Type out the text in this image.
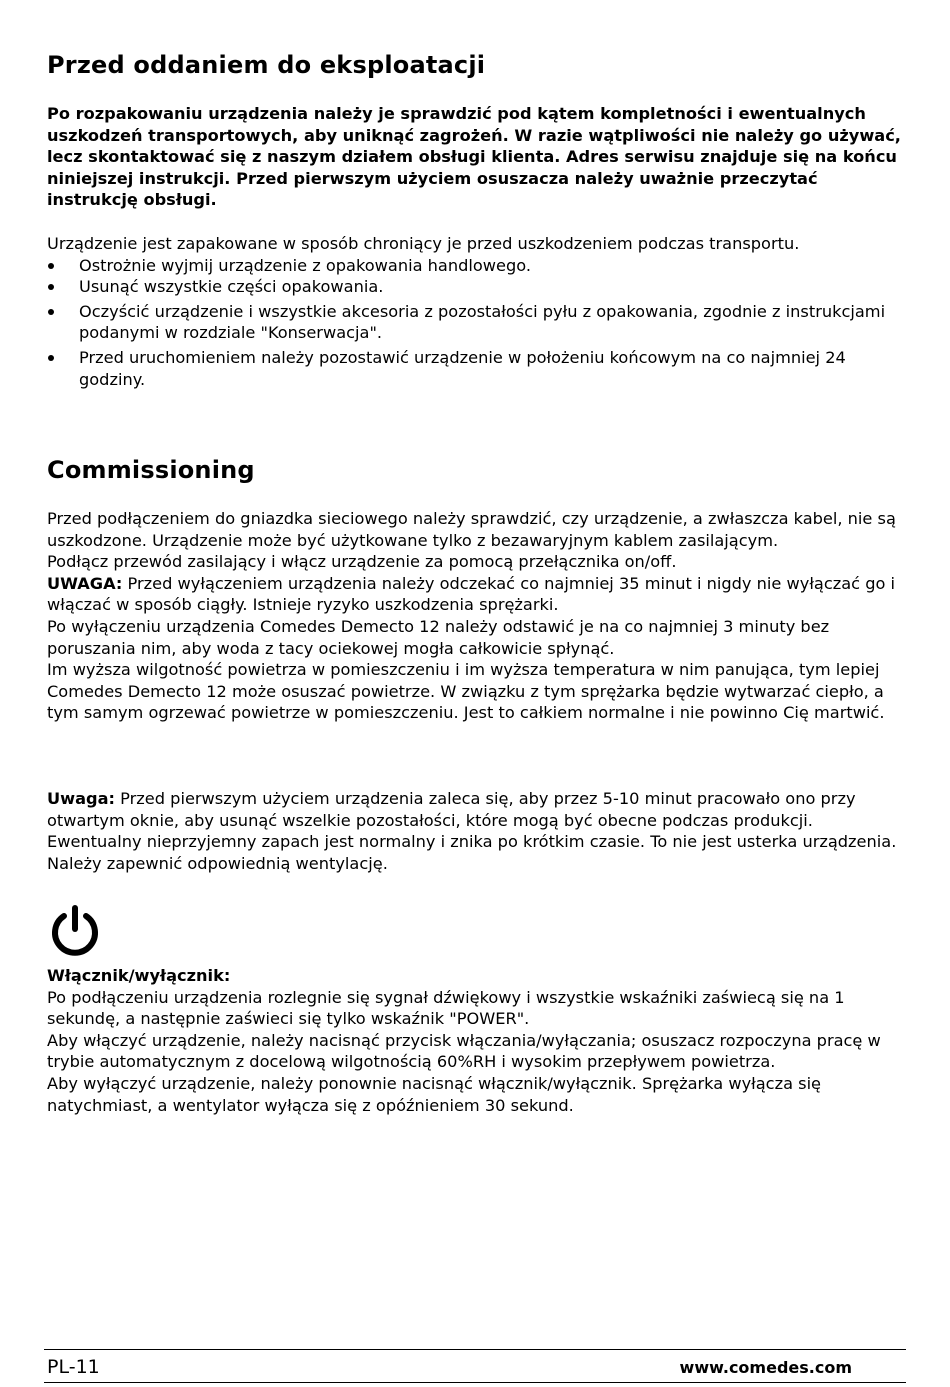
Przed oddaniem do eksploatacji

Po rozpakowaniu urządzenia należy je sprawdzić pod kątem kompletności i ewentualnych uszkodzeń transportowych, aby uniknąć zagrożeń. W razie wątpliwości nie należy go używać, lecz skontaktować się z naszym działem obsługi klienta. Adres serwisu znajduje się na końcu niniejszej instrukcji. Przed pierwszym użyciem osuszacza należy uważnie przeczytać instrukcję obsługi.

Urządzenie jest zapakowane w sposób chroniący je przed uszkodzeniem podczas transportu.

Ostrożnie wyjmij urządzenie z opakowania handlowego.
Usunąć wszystkie części opakowania.
Oczyścić urządzenie i wszystkie akcesoria z pozostałości pyłu z opakowania, zgodnie z instrukcjami podanymi w rozdziale "Konserwacja".
Przed uruchomieniem należy pozostawić urządzenie w położeniu końcowym na co najmniej 24 godziny.
Commissioning

Przed podłączeniem do gniazdka sieciowego należy sprawdzić, czy urządzenie, a zwłaszcza kabel, nie są uszkodzone. Urządzenie może być użytkowane tylko z bezawaryjnym kablem zasilającym.

Podłącz przewód zasilający i włącz urządzenie za pomocą przełącznika on/off.

UWAGA: Przed wyłączeniem urządzenia należy odczekać co najmniej 35 minut i nigdy nie wyłączać go i włączać w sposób ciągły. Istnieje ryzyko uszkodzenia sprężarki.

Po wyłączeniu urządzenia Comedes Demecto 12 należy odstawić je na co najmniej 3 minuty bez poruszania nim, aby woda z tacy ociekowej mogła całkowicie spłynąć.

Im wyższa wilgotność powietrza w pomieszczeniu i im wyższa temperatura w nim panująca, tym lepiej Comedes Demecto 12 może osuszać powietrze. W związku z tym sprężarka będzie wytwarzać ciepło, a tym samym ogrzewać powietrze w pomieszczeniu. Jest to całkiem normalne i nie powinno Cię martwić.

Uwaga: Przed pierwszym użyciem urządzenia zaleca się, aby przez 5-10 minut pracowało ono przy otwartym oknie, aby usunąć wszelkie pozostałości, które mogą być obecne podczas produkcji. Ewentualny nieprzyjemny zapach jest normalny i znika po krótkim czasie. To nie jest usterka urządzenia. Należy zapewnić odpowiednią wentylację.

Włącznik/wyłącznik:

Po podłączeniu urządzenia rozlegnie się sygnał dźwiękowy i wszystkie wskaźniki zaświecą się na 1 sekundę, a następnie zaświeci się tylko wskaźnik "POWER".

Aby włączyć urządzenie, należy nacisnąć przycisk włączania/wyłączania; osuszacz rozpoczyna pracę w trybie automatycznym z docelową wilgotnością 60%RH i wysokim przepływem powietrza.

Aby wyłączyć urządzenie, należy ponownie nacisnąć włącznik/wyłącznik. Sprężarka wyłącza się natychmiast, a wentylator wyłącza się z opóźnieniem 30 sekund.

PL-11	www.comedes.com
